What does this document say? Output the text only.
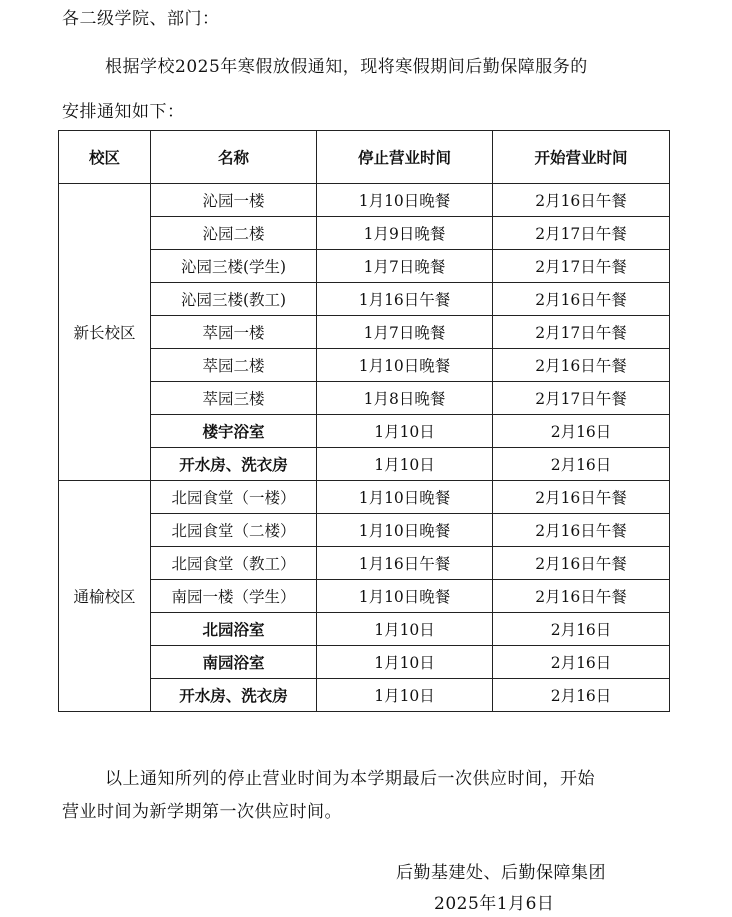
各二级学院、部门：
根据学校2025年寒假放假通知，现将寒假期间后勤保障服务的
安排通知如下：
校区	名称	停止营业时间	开始营业时间
新长校区	沁园一楼	1月10日晚餐	2月16日午餐
	沁园二楼	1月9日晚餐	2月17日午餐
	沁园三楼(学生)	1月7日晚餐	2月17日午餐
	沁园三楼(教工)	1月16日午餐	2月16日午餐
	萃园一楼	1月7日晚餐	2月17日午餐
	萃园二楼	1月10日晚餐	2月16日午餐
	萃园三楼	1月8日晚餐	2月17日午餐
	楼宇浴室	1月10日	2月16日
	开水房、洗衣房	1月10日	2月16日
通榆校区	北园食堂（一楼）	1月10日晚餐	2月16日午餐
	北园食堂（二楼）	1月10日晚餐	2月16日午餐
	北园食堂（教工）	1月16日午餐	2月16日午餐
	南园一楼（学生）	1月10日晚餐	2月16日午餐
	北园浴室	1月10日	2月16日
	南园浴室	1月10日	2月16日
	开水房、洗衣房	1月10日	2月16日
以上通知所列的停止营业时间为本学期最后一次供应时间，开始
营业时间为新学期第一次供应时间。
后勤基建处、后勤保障集团
2025年1月6日
